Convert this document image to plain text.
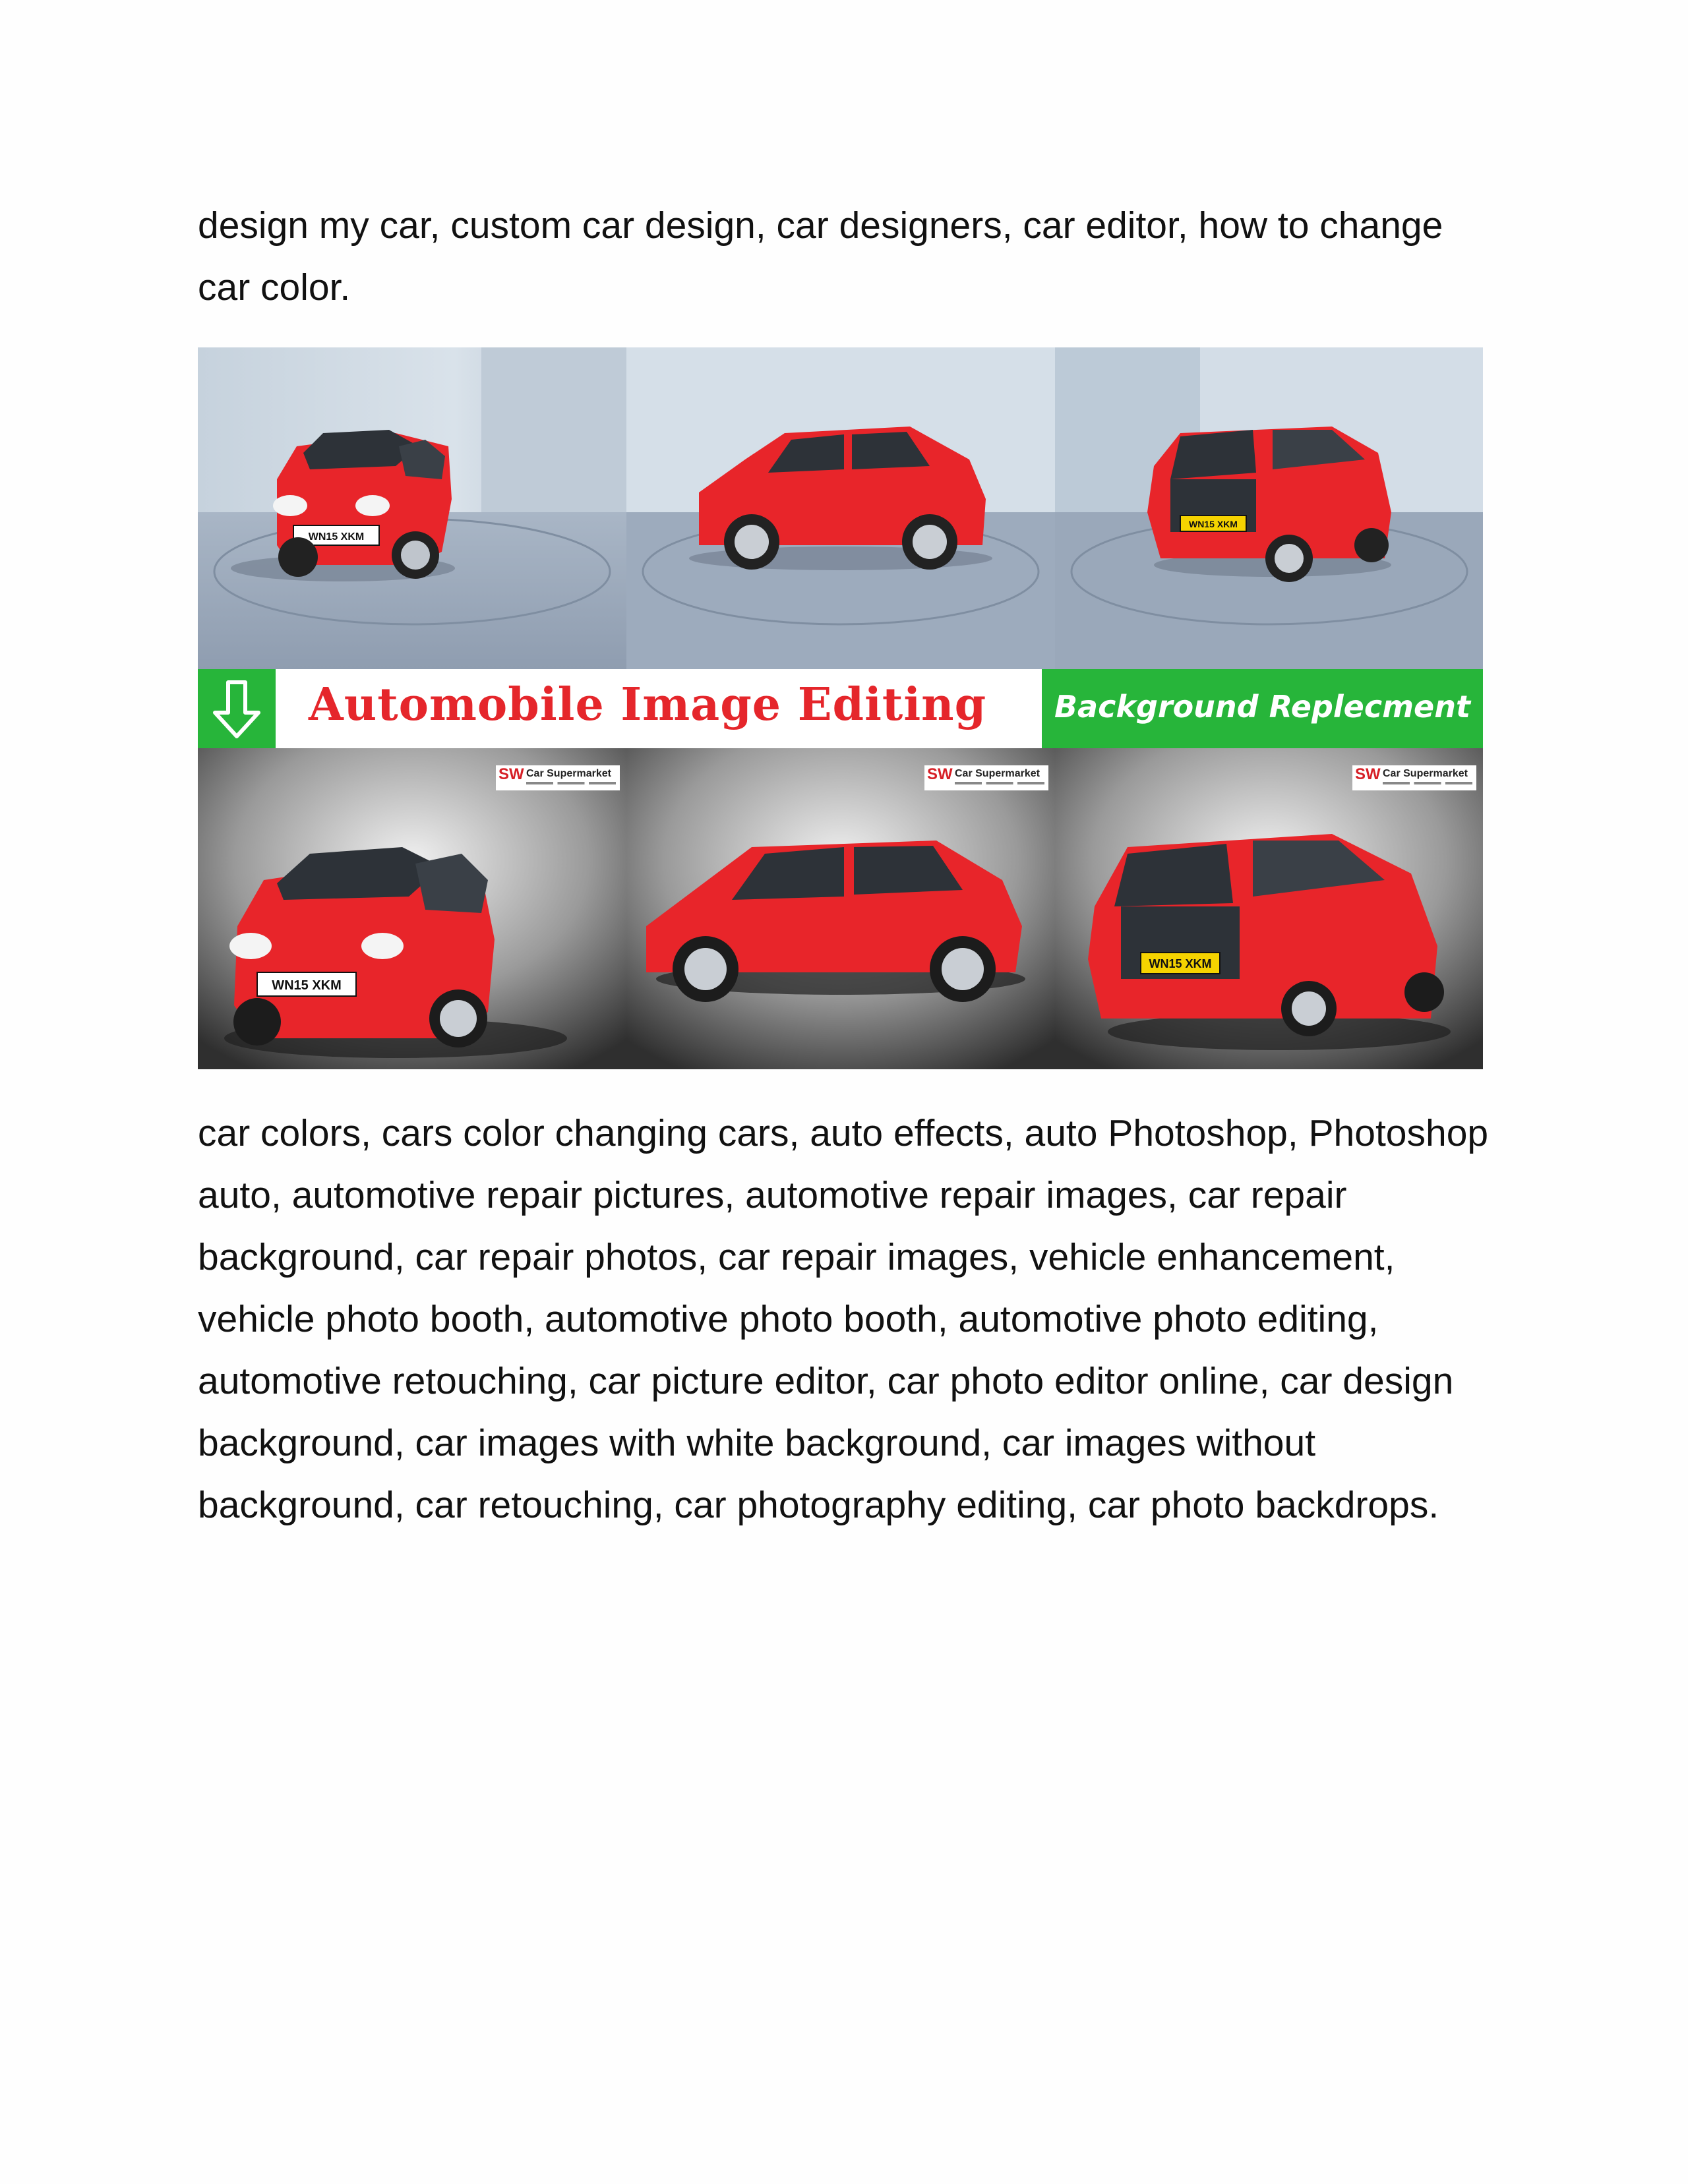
design my car, custom car design, car designers, car editor, how to change car color.

WN15 XKM
WN15 XKM
Automobile Image Editing	Background Replecment
WN15 XKM
SW Car Supermarket	SW Car Supermarket
WN15 XKM
SW Car Supermarket

car colors, cars color changing cars, auto effects, auto Photoshop, Photoshop auto, automotive repair pictures, automotive repair images, car repair background, car repair photos, car repair images, vehicle enhancement, vehicle photo booth, automotive photo booth, automotive photo editing, automotive retouching, car picture editor, car photo editor online, car design background, car images with white background, car images without background, car retouching, car photography editing, car photo backdrops.
